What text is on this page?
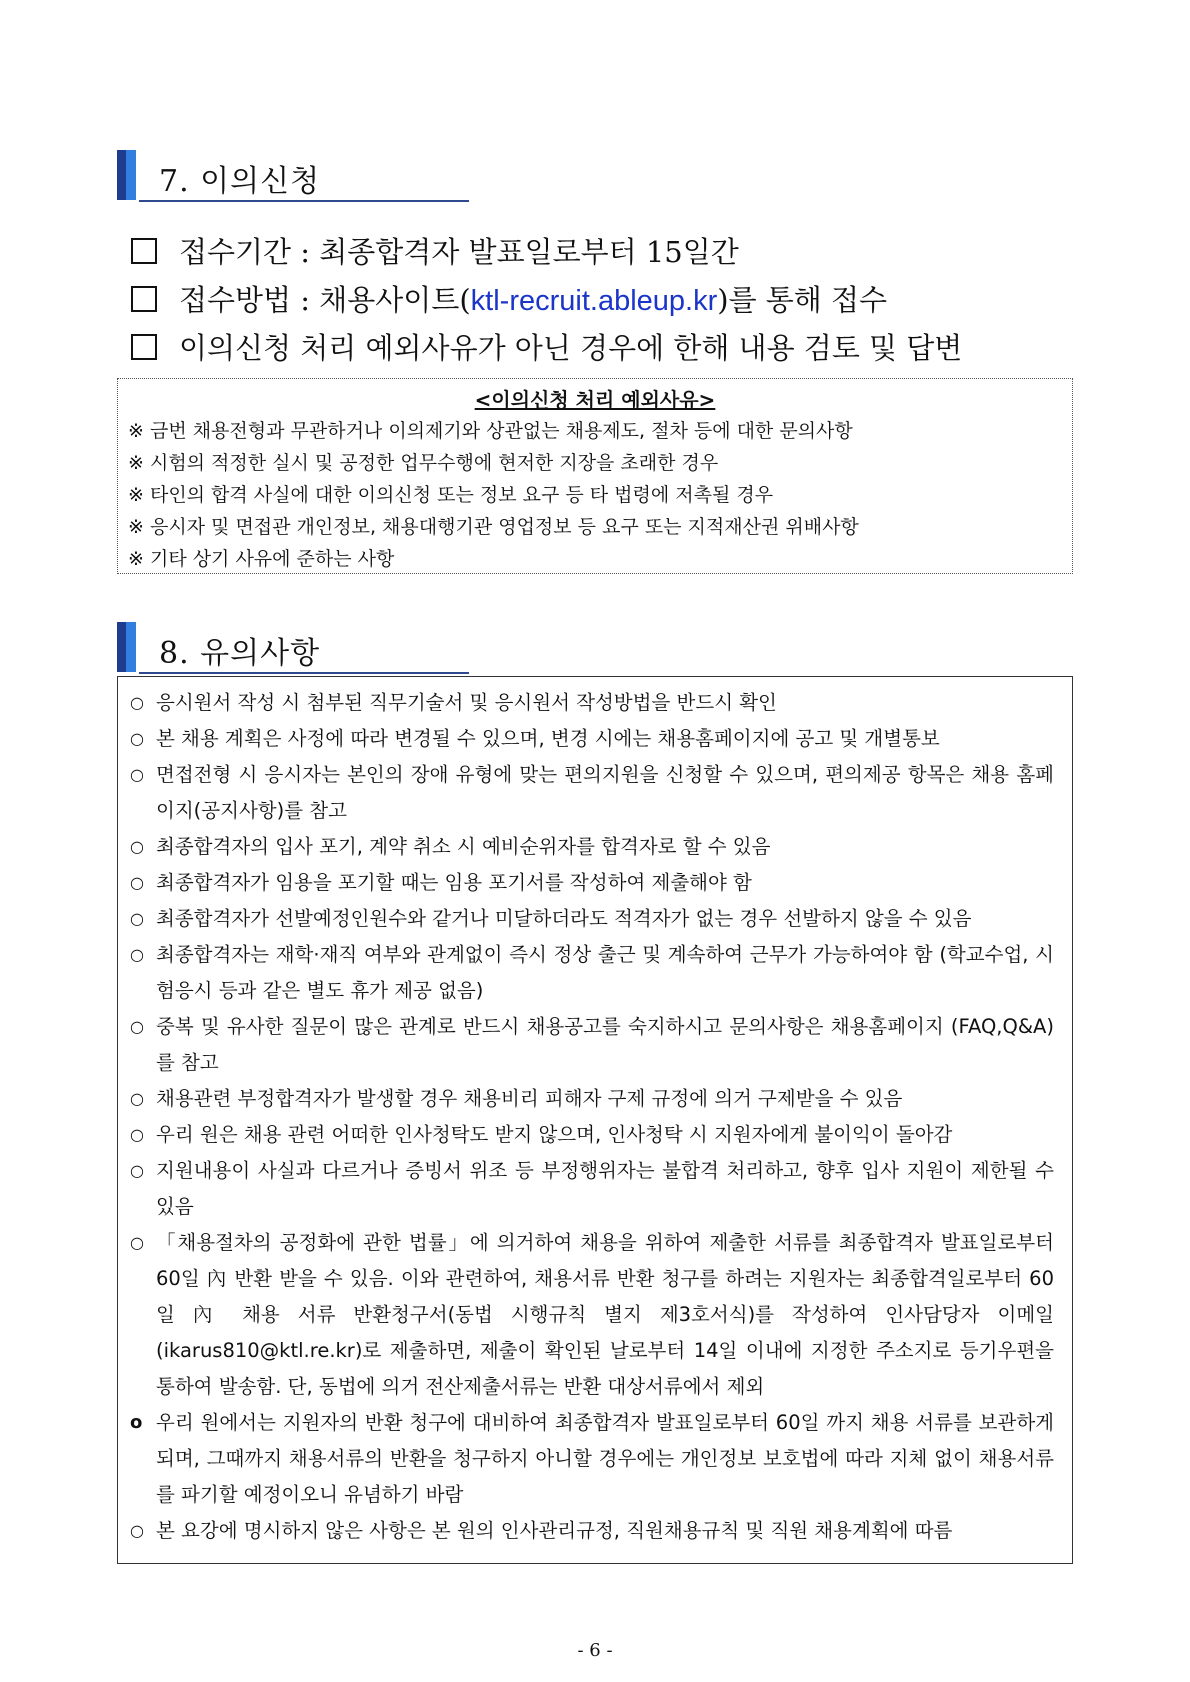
7. 이의신청
접수기간 : 최종합격자 발표일로부터 15일간
접수방법 : 채용사이트(ktl-recruit.ableup.kr)를 통해 접수
이의신청 처리 예외사유가 아닌 경우에 한해 내용 검토 및 답변
<이의신청 처리 예외사유>
※ 금번 채용전형과 무관하거나 이의제기와 상관없는 채용제도, 절차 등에 대한 문의사항
※ 시험의 적정한 실시 및 공정한 업무수행에 현저한 지장을 초래한 경우
※ 타인의 합격 사실에 대한 이의신청 또는 정보 요구 등 타 법령에 저촉될 경우
※ 응시자 및 면접관 개인정보, 채용대행기관 영업정보 등 요구 또는 지적재산권 위배사항
※ 기타 상기 사유에 준하는 사항
8. 유의사항
○ 응시원서 작성 시 첨부된 직무기술서 및 응시원서 작성방법을 반드시 확인
○ 본 채용 계획은 사정에 따라 변경될 수 있으며, 변경 시에는 채용홈페이지에 공고 및 개별통보
○ 면접전형 시 응시자는 본인의 장애 유형에 맞는 편의지원을 신청할 수 있으며, 편의제공 항목은 채용 홈페이지(공지사항)를 참고
○ 최종합격자의 입사 포기, 계약 취소 시 예비순위자를 합격자로 할 수 있음
○ 최종합격자가 임용을 포기할 때는 임용 포기서를 작성하여 제출해야 함
○ 최종합격자가 선발예정인원수와 같거나 미달하더라도 적격자가 없는 경우 선발하지 않을 수 있음
○ 최종합격자는 재학·재직 여부와 관계없이 즉시 정상 출근 및 계속하여 근무가 가능하여야 함 (학교수업, 시험응시 등과 같은 별도 휴가 제공 없음)
○ 중복 및 유사한 질문이 많은 관계로 반드시 채용공고를 숙지하시고 문의사항은 채용홈페이지 (FAQ,Q&A)를 참고
○ 채용관련 부정합격자가 발생할 경우 채용비리 피해자 구제 규정에 의거 구제받을 수 있음
○ 우리 원은 채용 관련 어떠한 인사청탁도 받지 않으며, 인사청탁 시 지원자에게 불이익이 돌아감
○ 지원내용이 사실과 다르거나 증빙서 위조 등 부정행위자는 불합격 처리하고, 향후 입사 지원이 제한될 수 있음
○ 「채용절차의 공정화에 관한 법률」에 의거하여 채용을 위하여 제출한 서류를 최종합격자 발표일로부터 60일 內 반환 받을 수 있음. 이와 관련하여, 채용서류 반환 청구를 하려는 지원자는 최종합격일로부터 60일 內 채용 서류 반환청구서(동법 시행규칙 별지 제3호서식)를 작성하여 인사담당자 이메일(ikarus810@ktl.re.kr)로 제출하면, 제출이 확인된 날로부터 14일 이내에 지정한 주소지로 등기우편을 통하여 발송함. 단, 동법에 의거 전산제출서류는 반환 대상서류에서 제외
o 우리 원에서는 지원자의 반환 청구에 대비하여 최종합격자 발표일로부터 60일 까지 채용 서류를 보관하게 되며, 그때까지 채용서류의 반환을 청구하지 아니할 경우에는 개인정보 보호법에 따라 지체 없이 채용서류를 파기할 예정이오니 유념하기 바람
○ 본 요강에 명시하지 않은 사항은 본 원의 인사관리규정, 직원채용규칙 및 직원 채용계획에 따름
- 6 -
